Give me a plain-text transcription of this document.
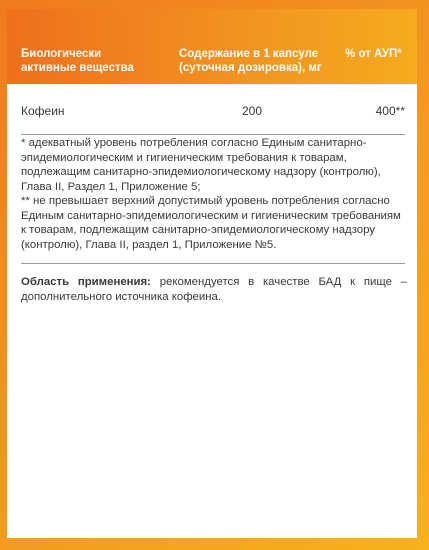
Биологически
активные вещества
Содержание в 1 капсуле
(суточная дозировка), мг
% от АУП*
Кофеин	200	400**

* адекватный уровень потребления согласно Единым санитарно-эпидемиологическим и гигиеническим требования к товарам, подлежащим санитарно-эпидемиологическому надзору (контролю), Глава II, Раздел 1, Приложение 5;

** не превышает верхний допустимый уровень потребления согласно Единым санитарно-эпидемиологическим и гигиеническим требованиям к товарам, подлежащим санитарно-эпидемиологическому надзору (контролю), Глава II, раздел 1, Приложение №5.

Область применения: рекомендуется в качестве БАД к пище – дополнительного источника кофеина.
